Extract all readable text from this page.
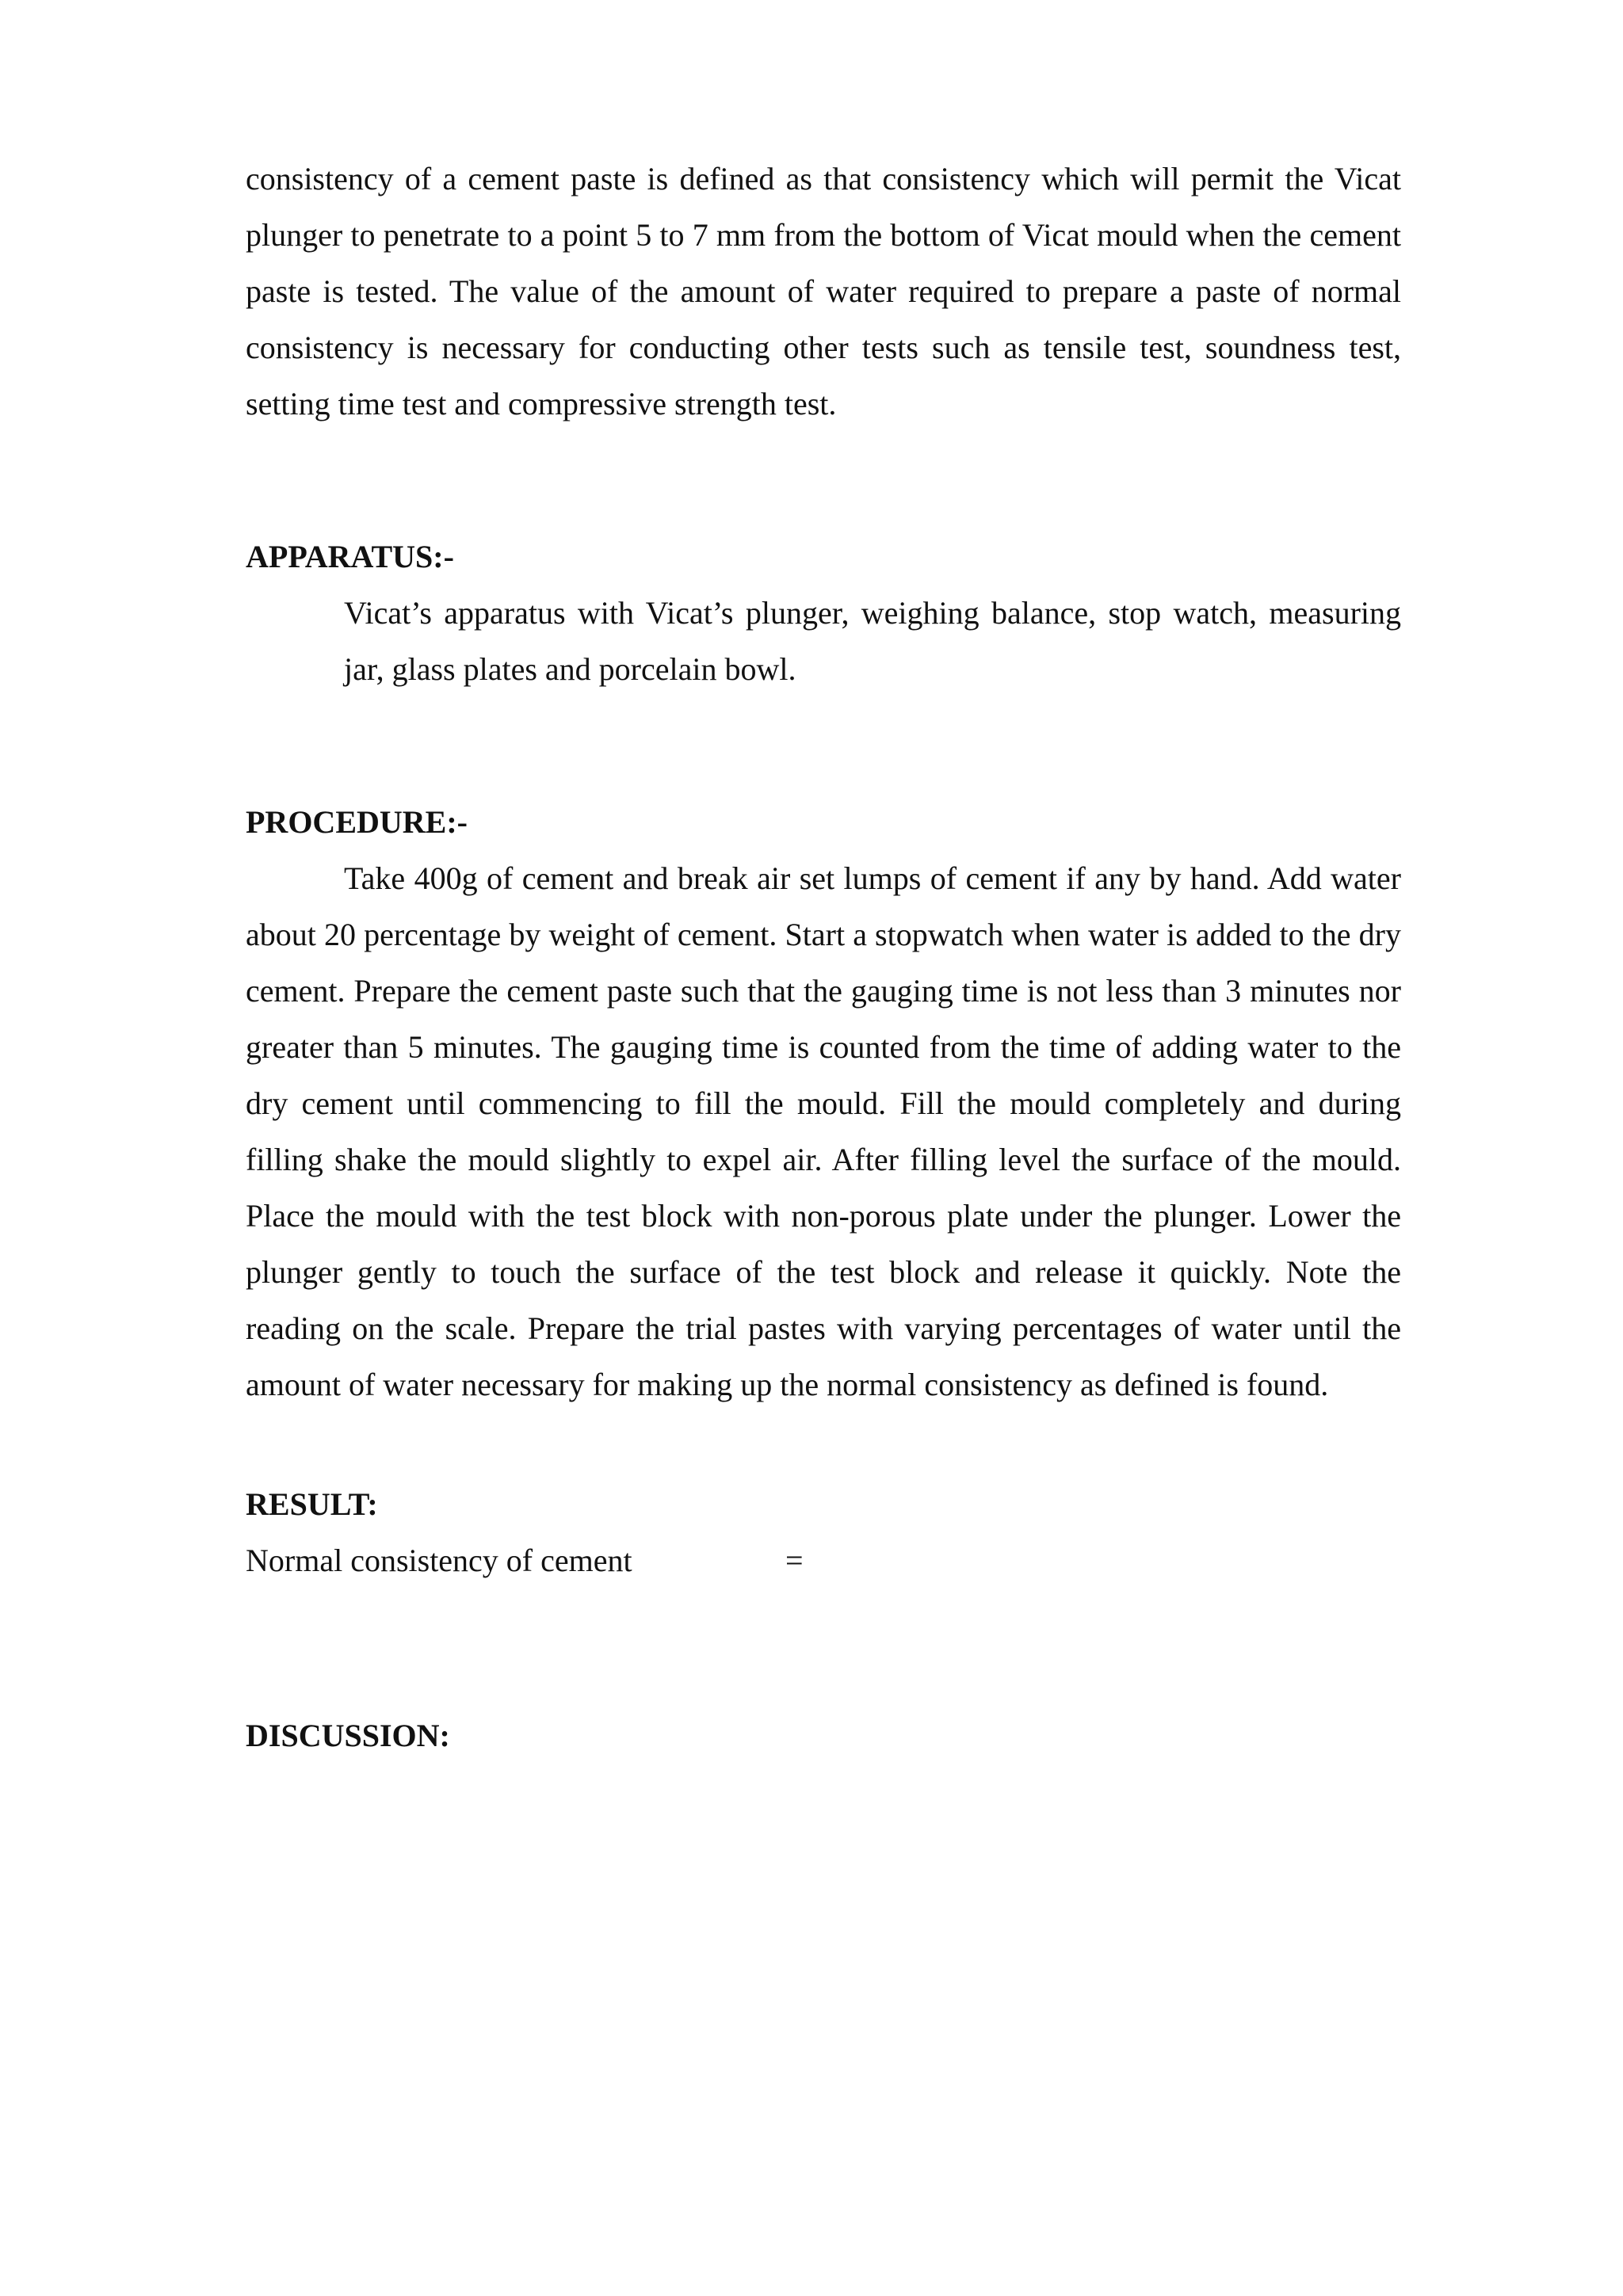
consistency of a cement paste is defined as that consistency which will permit the Vicat plunger to penetrate to a point 5 to 7 mm from the bottom of Vicat mould when the cement paste is tested. The value of the amount of water required to prepare a paste of normal consistency is necessary for conducting other tests such as tensile test, soundness test, setting time test and compressive strength test.

APPARATUS:-

Vicat’s apparatus with Vicat’s plunger, weighing balance, stop watch, measuring jar, glass plates and porcelain bowl.

PROCEDURE:-

Take 400g of cement and break air set lumps of cement if any by hand. Add water about 20 percentage by weight of cement. Start a stopwatch when water is added to the dry cement. Prepare the cement paste such that the gauging time is not less than 3 minutes nor greater than 5 minutes. The gauging time is counted from the time of adding water to the dry cement until commencing to fill the mould. Fill the mould completely and during filling shake the mould slightly to expel air. After filling level the surface of the mould. Place the mould with the test block with non-porous plate under the plunger. Lower the plunger gently to touch the surface of the test block and release it quickly. Note the reading on the scale. Prepare the trial pastes with varying percentages of water until the amount of water necessary for making up the normal consistency as defined is found.

RESULT:
Normal consistency of cement	=
DISCUSSION:
